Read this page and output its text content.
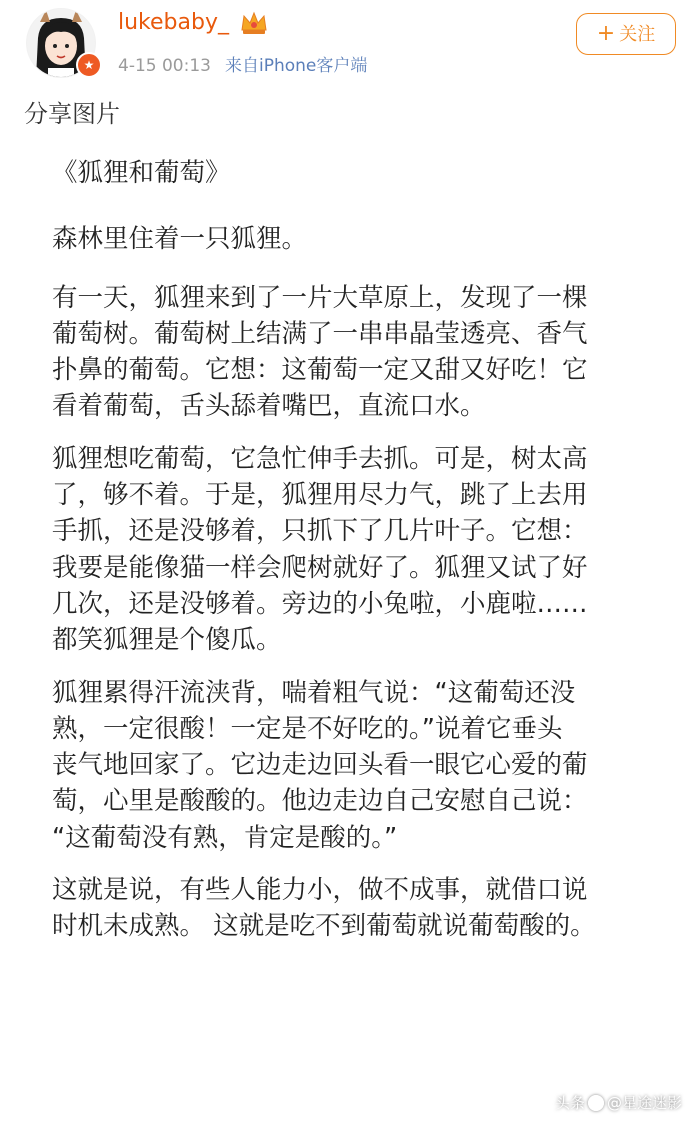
★
lukebaby_
4-15 00:13 来自iPhone客户端
+ 关注
分享图片

《狐狸和葡萄》

森林里住着一只狐狸。

有一天，狐狸来到了一片大草原上，发现了一棵
葡萄树。葡萄树上结满了一串串晶莹透亮、香气
扑鼻的葡萄。它想：这葡萄一定又甜又好吃！它
看着葡萄，舌头舔着嘴巴，直流口水。

狐狸想吃葡萄，它急忙伸手去抓。可是，树太高
了，够不着。于是，狐狸用尽力气，跳了上去用
手抓，还是没够着，只抓下了几片叶子。它想：
我要是能像猫一样会爬树就好了。狐狸又试了好
几次，还是没够着。旁边的小兔啦，小鹿啦……
都笑狐狸是个傻瓜。

狐狸累得汗流浃背，喘着粗气说：“这葡萄还没
熟，一定很酸！一定是不好吃的。”说着它垂头
丧气地回家了。它边走边回头看一眼它心爱的葡
萄，心里是酸酸的。他边走边自己安慰自己说：
“这葡萄没有熟，肯定是酸的。”

这就是说，有些人能力小，做不成事，就借口说
时机未成熟。 这就是吃不到葡萄就说葡萄酸的。

头条 @星途迷影
